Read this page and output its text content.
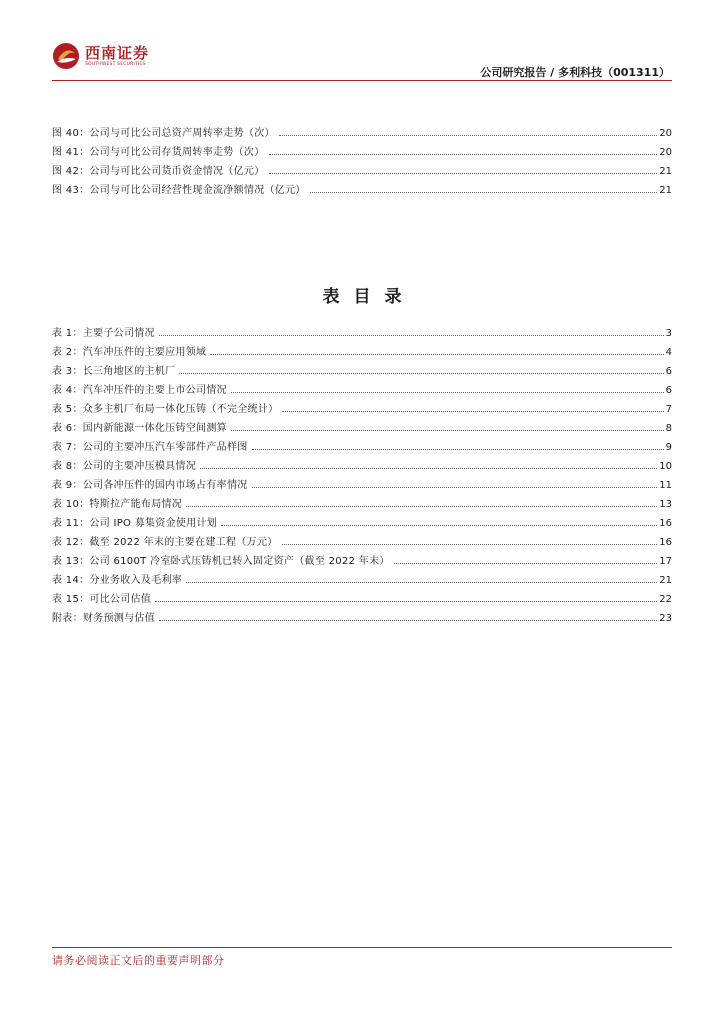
西南证券
SOUTHWEST SECURITIES
公司研究报告 / 多利科技（001311）
图 40：公司与可比公司总资产周转率走势（次）	20
图 41：公司与可比公司存货周转率走势（次）	20
图 42：公司与可比公司货币资金情况（亿元）	21
图 43：公司与可比公司经营性现金流净额情况（亿元）	21
表目录
表 1：主要子公司情况	3
表 2：汽车冲压件的主要应用领域	4
表 3：长三角地区的主机厂	6
表 4：汽车冲压件的主要上市公司情况	6
表 5：众多主机厂布局一体化压铸（不完全统计）	7
表 6：国内新能源一体化压铸空间测算	8
表 7：公司的主要冲压汽车零部件产品样图	9
表 8：公司的主要冲压模具情况	10
表 9：公司各冲压件的国内市场占有率情况	11
表 10：特斯拉产能布局情况	13
表 11：公司 IPO 募集资金使用计划	16
表 12：截至 2022 年末的主要在建工程（万元）	16
表 13：公司 6100T 冷室卧式压铸机已转入固定资产（截至 2022 年末）	17
表 14：分业务收入及毛利率	21
表 15：可比公司估值	22
附表：财务预测与估值	23
请务必阅读正文后的重要声明部分
